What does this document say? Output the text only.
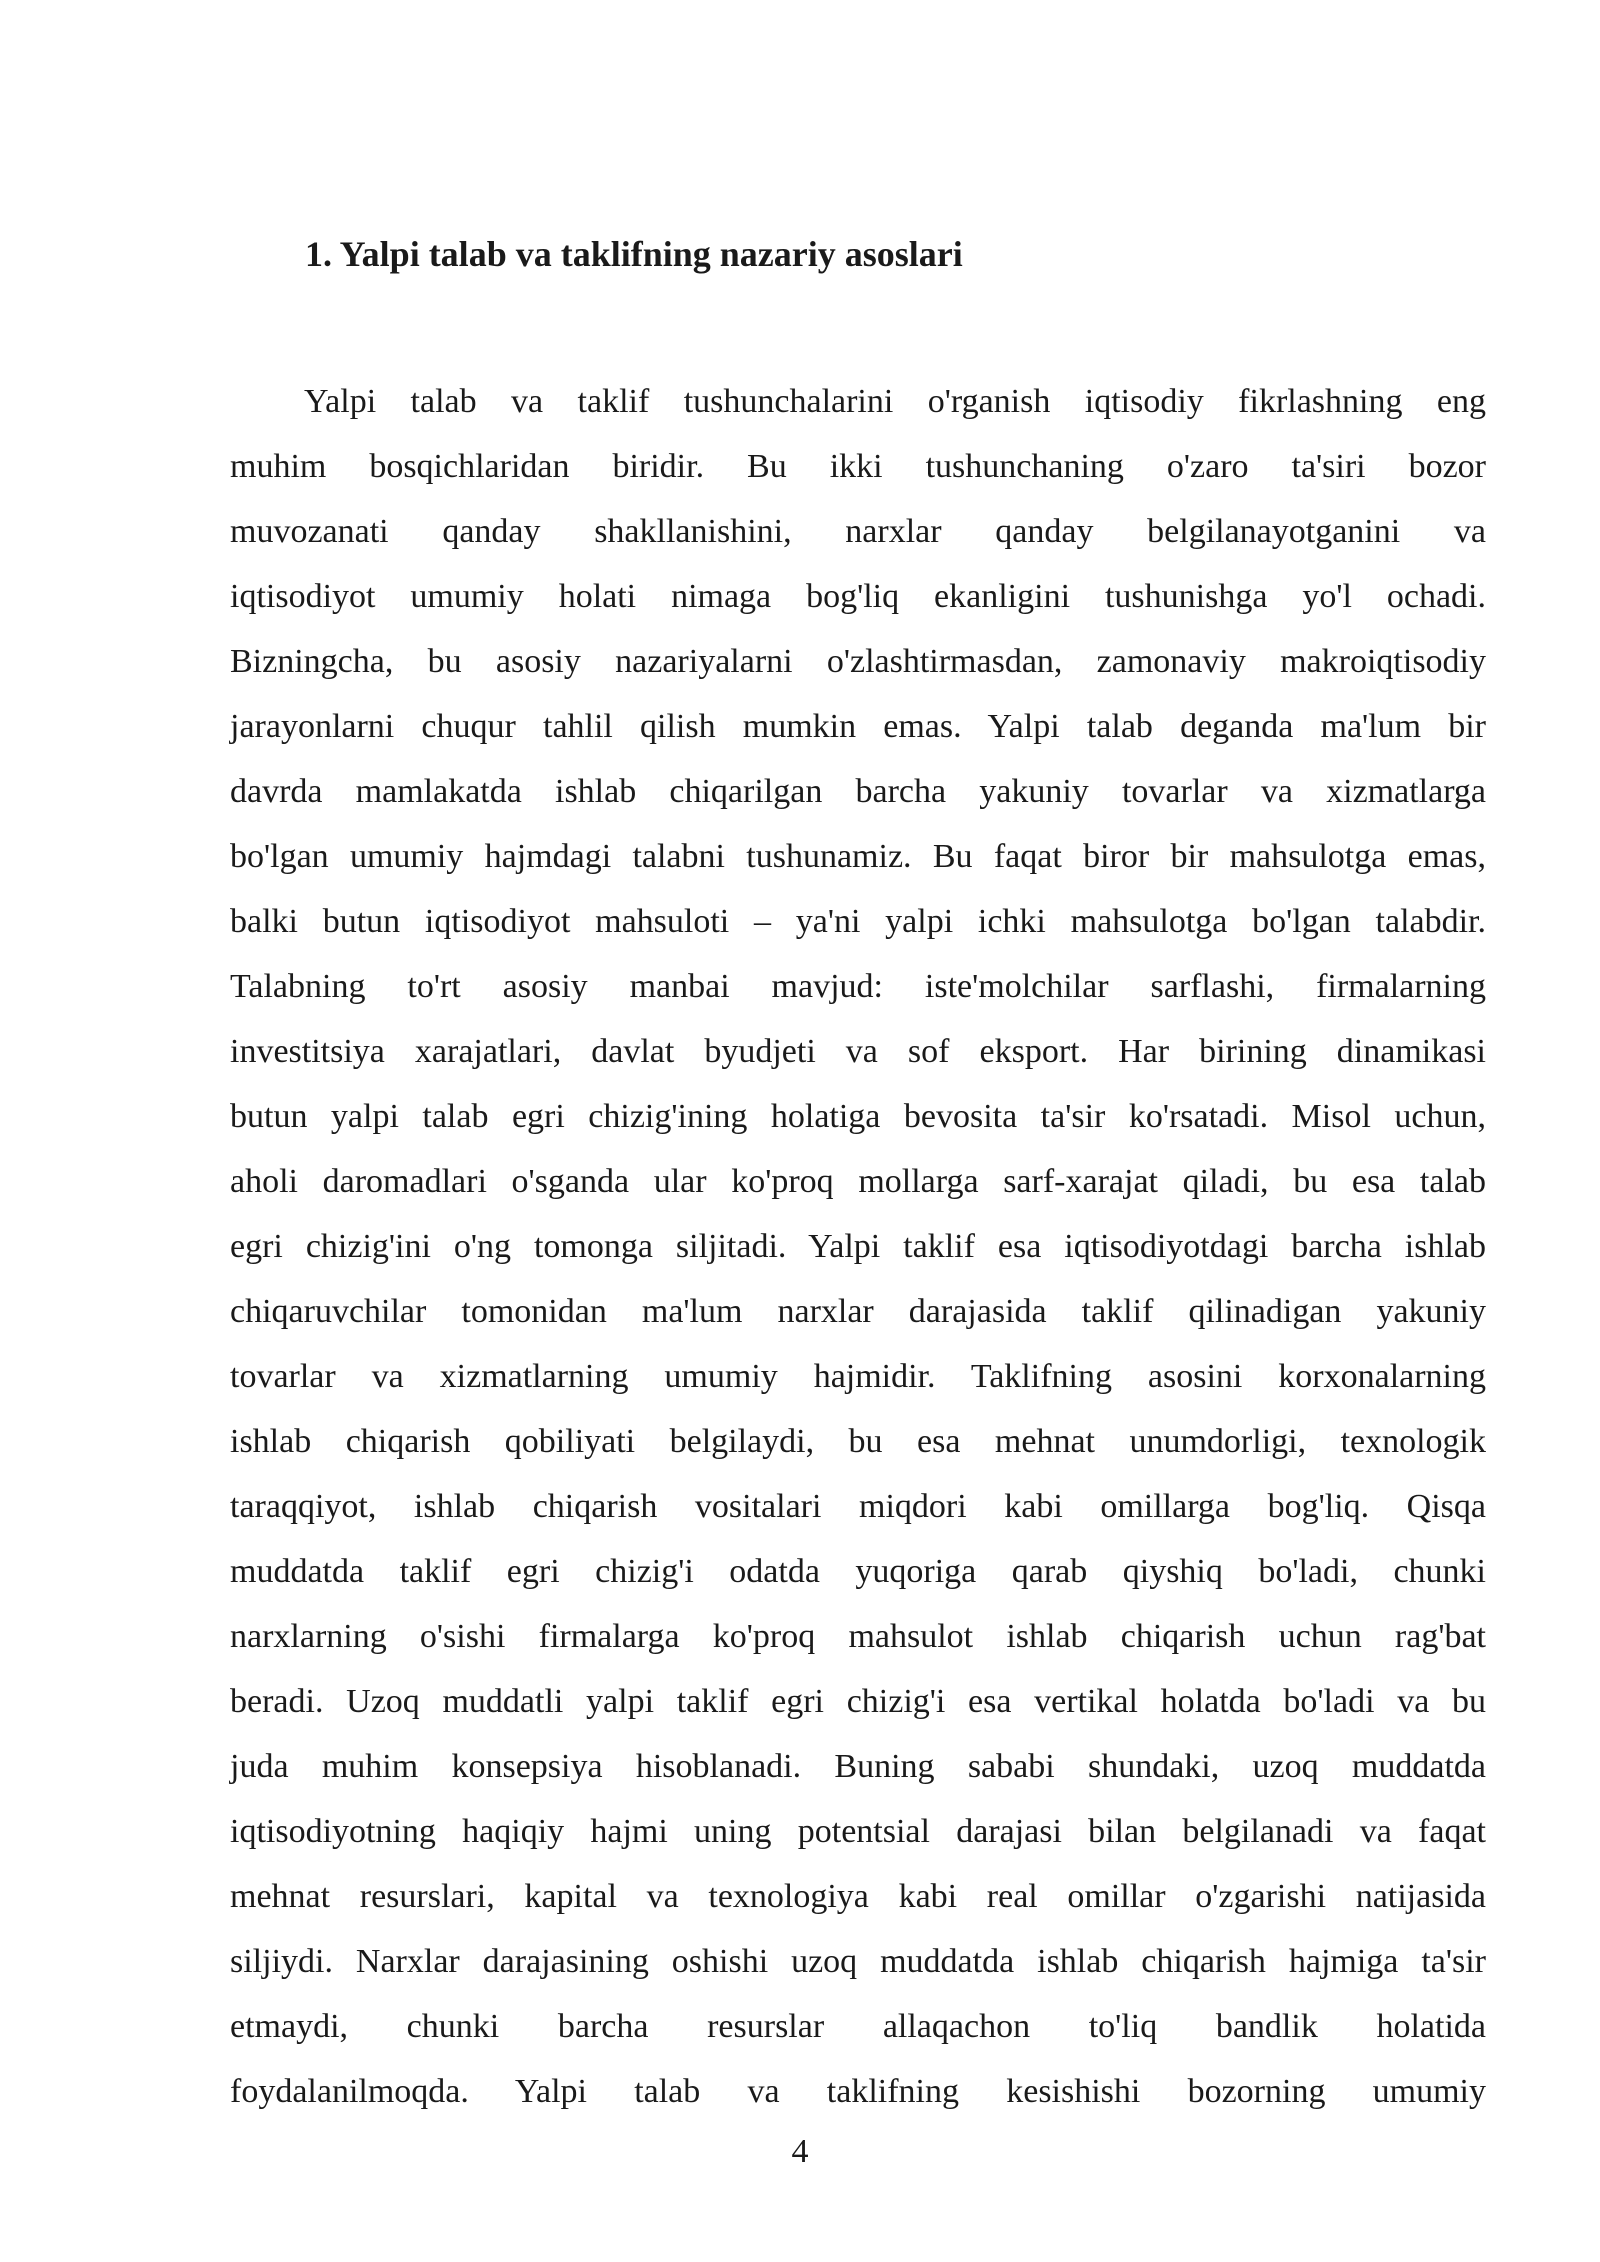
1. Yalpi talab va taklifning nazariy asoslari
Yalpi talab va taklif tushunchalarini o'rganish iqtisodiy fikrlashning eng
muhim bosqichlaridan biridir. Bu ikki tushunchaning o'zaro ta'siri bozor
muvozanati qanday shakllanishini, narxlar qanday belgilanayotganini va
iqtisodiyot umumiy holati nimaga bog'liq ekanligini tushunishga yo'l ochadi.
Bizningcha, bu asosiy nazariyalarni o'zlashtirmasdan, zamonaviy makroiqtisodiy
jarayonlarni chuqur tahlil qilish mumkin emas. Yalpi talab deganda ma'lum bir
davrda mamlakatda ishlab chiqarilgan barcha yakuniy tovarlar va xizmatlarga
bo'lgan umumiy hajmdagi talabni tushunamiz. Bu faqat biror bir mahsulotga emas,
balki butun iqtisodiyot mahsuloti – ya'ni yalpi ichki mahsulotga bo'lgan talabdir.
Talabning to'rt asosiy manbai mavjud: iste'molchilar sarflashi, firmalarning
investitsiya xarajatlari, davlat byudjeti va sof eksport. Har birining dinamikasi
butun yalpi talab egri chizig'ining holatiga bevosita ta'sir ko'rsatadi. Misol uchun,
aholi daromadlari o'sganda ular ko'proq mollarga sarf-xarajat qiladi, bu esa talab
egri chizig'ini o'ng tomonga siljitadi. Yalpi taklif esa iqtisodiyotdagi barcha ishlab
chiqaruvchilar tomonidan ma'lum narxlar darajasida taklif qilinadigan yakuniy
tovarlar va xizmatlarning umumiy hajmidir. Taklifning asosini korxonalarning
ishlab chiqarish qobiliyati belgilaydi, bu esa mehnat unumdorligi, texnologik
taraqqiyot, ishlab chiqarish vositalari miqdori kabi omillarga bog'liq. Qisqa
muddatda taklif egri chizig'i odatda yuqoriga qarab qiyshiq bo'ladi, chunki
narxlarning o'sishi firmalarga ko'proq mahsulot ishlab chiqarish uchun rag'bat
beradi. Uzoq muddatli yalpi taklif egri chizig'i esa vertikal holatda bo'ladi va bu
juda muhim konsepsiya hisoblanadi. Buning sababi shundaki, uzoq muddatda
iqtisodiyotning haqiqiy hajmi uning potentsial darajasi bilan belgilanadi va faqat
mehnat resurslari, kapital va texnologiya kabi real omillar o'zgarishi natijasida
siljiydi. Narxlar darajasining oshishi uzoq muddatda ishlab chiqarish hajmiga ta'sir
etmaydi, chunki barcha resurslar allaqachon to'liq bandlik holatida
foydalanilmoqda. Yalpi talab va taklifning kesishishi bozorning umumiy
4
